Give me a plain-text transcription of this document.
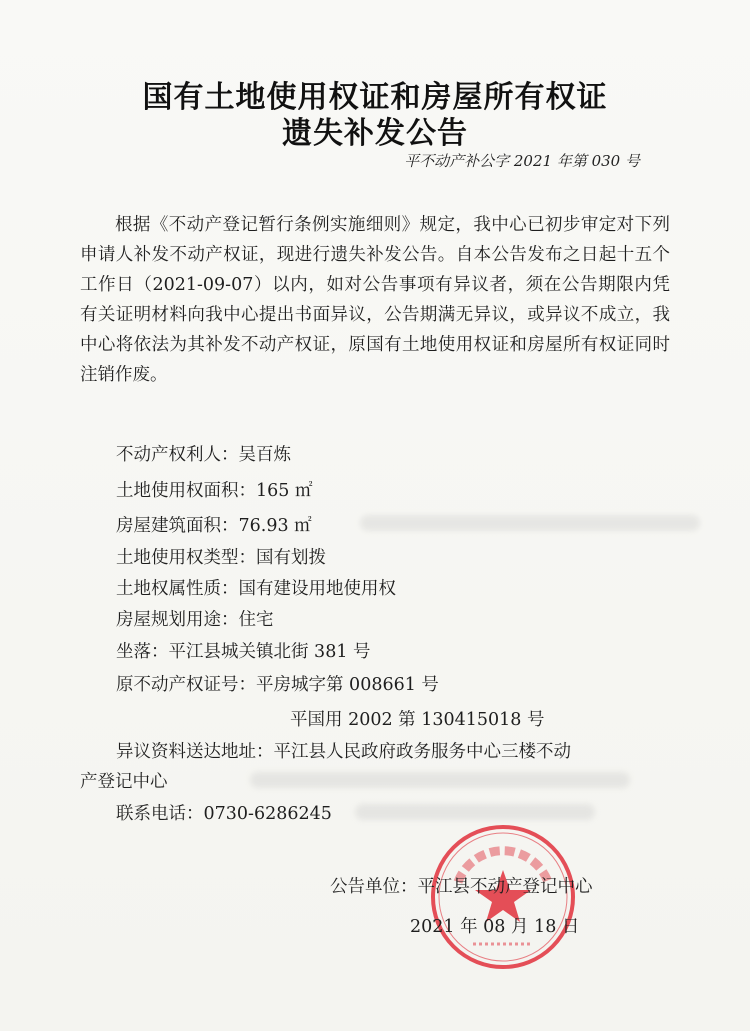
国有土地使用权证和房屋所有权证
遗失补发公告
平不动产补公字 2021 年第 030 号
根据《不动产登记暂行条例实施细则》规定，我中心已初步审定对下列申请人补发不动产权证，现进行遗失补发公告。自本公告发布之日起十五个工作日（2021-09-07）以内，如对公告事项有异议者，须在公告期限内凭有关证明材料向我中心提出书面异议，公告期满无异议，或异议不成立，我中心将依法为其补发不动产权证，原国有土地使用权证和房屋所有权证同时注销作废。
不动产权利人：吴百炼
土地使用权面积：165 ㎡
房屋建筑面积：76.93 ㎡
土地使用权类型：国有划拨
土地权属性质：国有建设用地使用权
房屋规划用途：住宅
坐落：平江县城关镇北街 381 号
原不动产权证号：平房城字第 008661 号
平国用 2002 第 130415018 号
异议资料送达地址：平江县人民政府政务服务中心三楼不动
产登记中心
联系电话：0730-6286245
公告单位：平江县不动产登记中心
2021 年 08 月 18 日
